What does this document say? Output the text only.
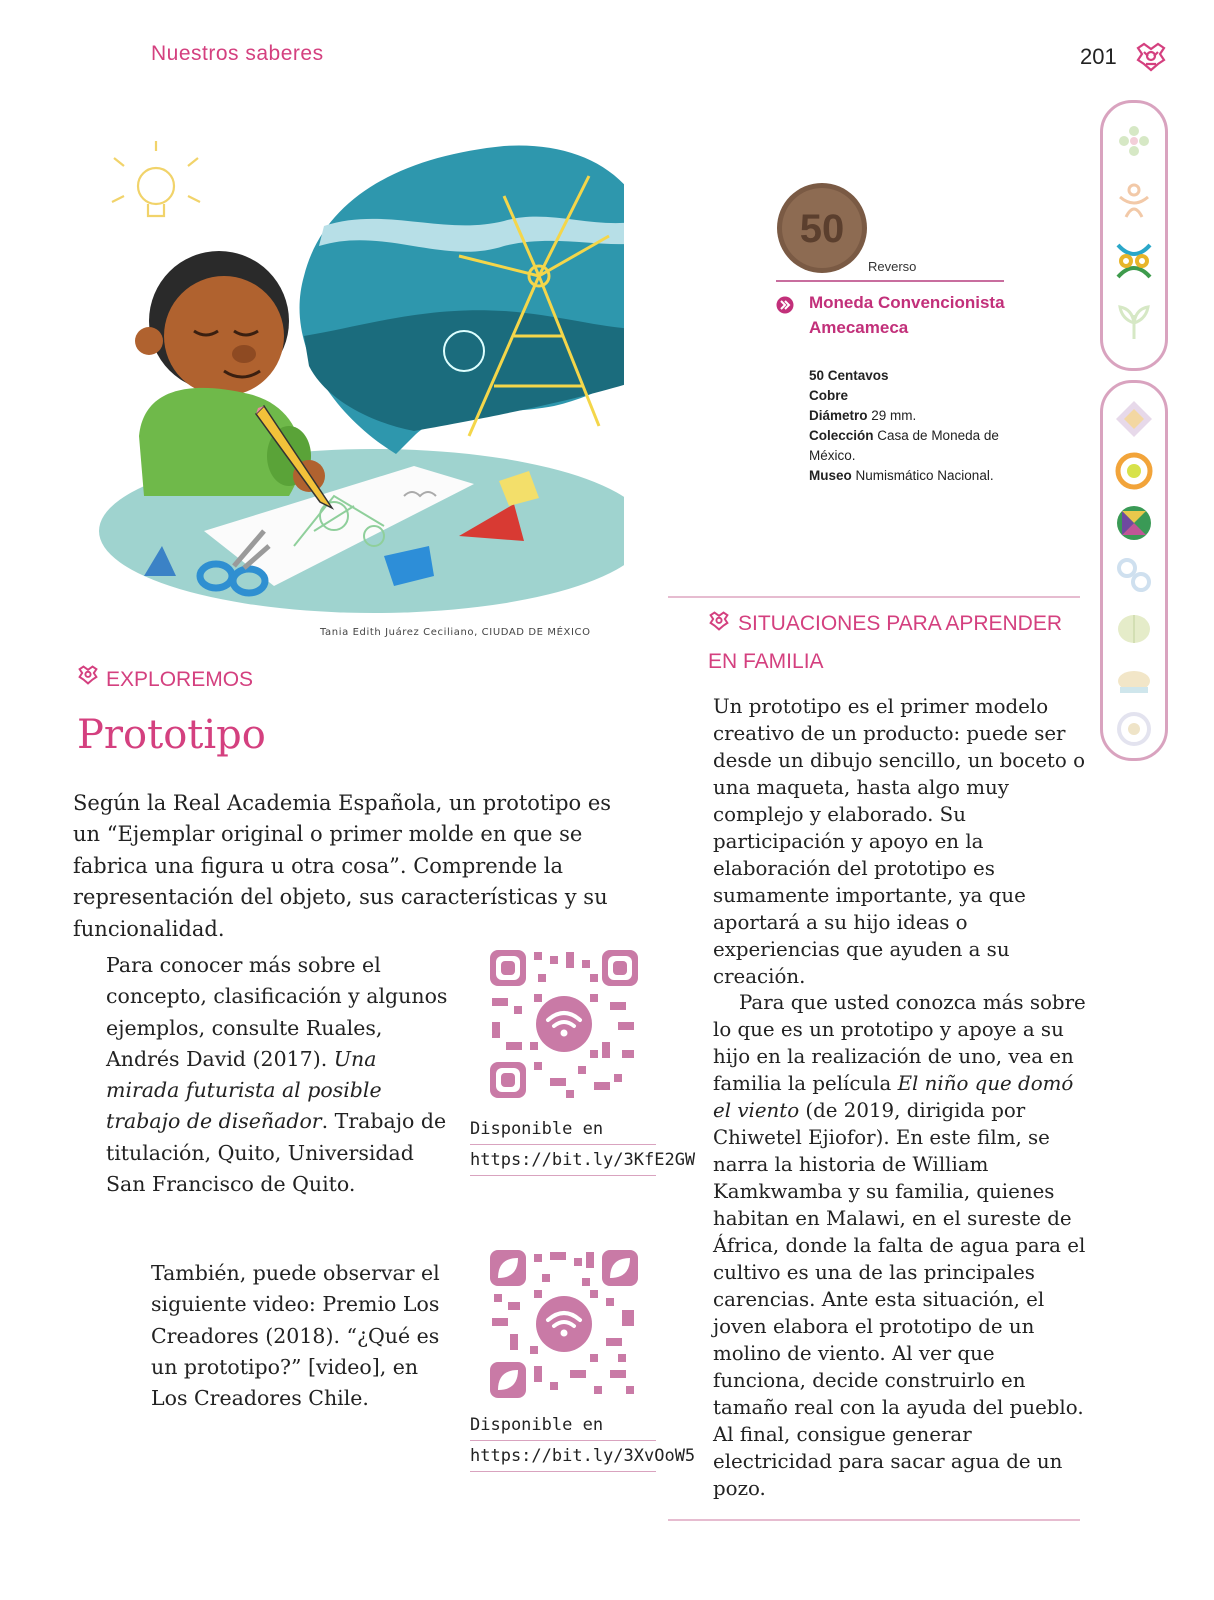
Nuestros saberes	201
Tania Edith Juárez Ceciliano, CIUDAD DE MÉXICO
50
Reverso
Moneda Convencionista Amecameca
50 Centavos
Cobre
Diámetro 29 mm.
Colección Casa de Moneda de México.
Museo Numismático Nacional.
SITUACIONES PARA APRENDER
EN FAMILIA

Un prototipo es el primer modelo creativo de un producto: puede ser desde un dibujo sencillo, un boceto o una maqueta, hasta algo muy complejo y elaborado. Su participación y apoyo en la elaboración del prototipo es sumamente importante, ya que aportará a su hijo ideas o experiencias que ayuden a su creación.

Para que usted conozca más sobre lo que es un prototipo y apoye a su hijo en la realización de uno, vea en familia la película El niño que domó el viento (de 2019, dirigida por Chiwetel Ejiofor). En este film, se narra la historia de William Kamkwamba y su familia, quienes habitan en Malawi, en el sureste de África, donde la falta de agua para el cultivo es una de las principales carencias. Ante esta situación, el joven elabora el prototipo de un molino de viento. Al ver que funciona, decide construirlo en tamaño real con la ayuda del pueblo. Al final, consigue generar electricidad para sacar agua de un pozo.

EXPLOREMOS
Prototipo
Según la Real Academia Española, un prototipo es un “Ejemplar original o primer molde en que se fabrica una figura u otra cosa”. Comprende la representación del objeto, sus características y su funcionalidad.
Para conocer más sobre el concepto, clasificación y algunos ejemplos, consulte Ruales, Andrés David (2017). Una mirada futurista al posible trabajo de diseñador. Trabajo de titulación, Quito, Universidad San Francisco de Quito.
Disponible en
https://bit.ly/3KfE2GW
También, puede observar el siguiente video: Premio Los Creadores (2018). “¿Qué es un prototipo?” [video], en Los Creadores Chile.
Disponible en
https://bit.ly/3XvOoW5
